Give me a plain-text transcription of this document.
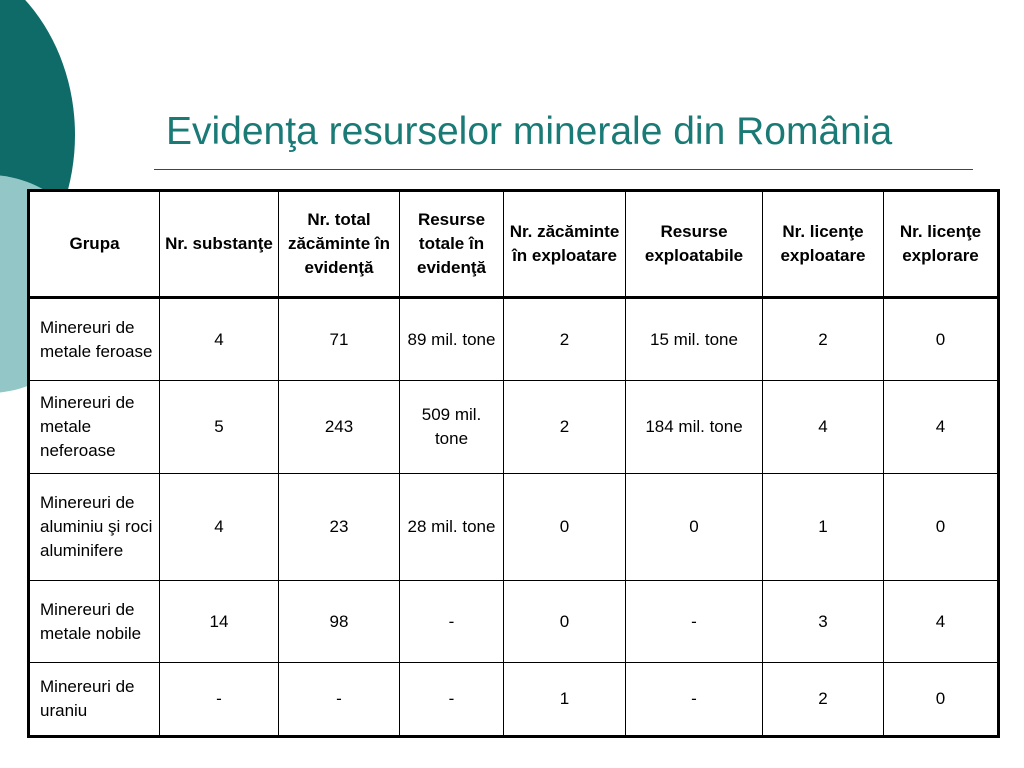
Evidenţa resurselor minerale din România
Grupa	Nr. substanţe	Nr. total zăcăminte în evidenţă	Resurse totale în evidenţă	Nr. zăcăminte în exploatare	Resurse exploatabile	Nr. licenţe exploatare	Nr. licenţe explorare
Minereuri de metale feroase	4	71	89 mil. tone	2	15 mil. tone	2	0
Minereuri de metale neferoase	5	243	509 mil. tone	2	184 mil. tone	4	4
Minereuri de aluminiu şi roci aluminifere	4	23	28 mil. tone	0	0	1	0
Minereuri de metale nobile	14	98	-	0	-	3	4
Minereuri de uraniu	-	-	-	1	-	2	0
